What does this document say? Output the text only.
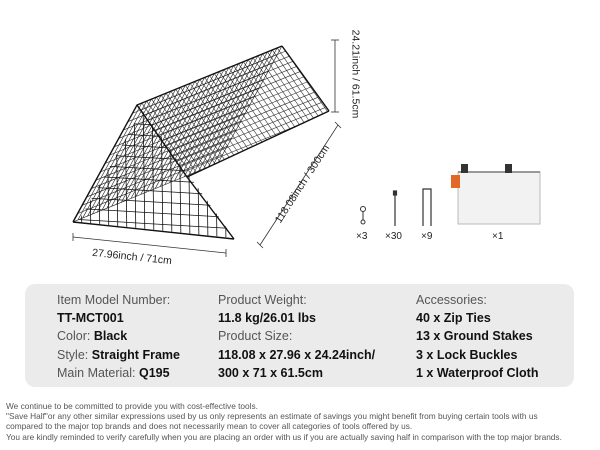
24.21inch / 61.5cm
118.08inch / 300cm
27.96inch / 71cm
×3 ×30 ×9	×1
Item Model Number:
TT-MCT001
Color: Black
Style: Straight Frame
Main Material: Q195
Product Weight:
11.8 kg/26.01 lbs
Product Size:
118.08 x 27.96 x 24.24inch/
300 x 71 x 61.5cm
Accessories:
40 x Zip Ties
13 x Ground Stakes
3 x Lock Buckles
1 x Waterproof Cloth
We continue to be committed to provide you with cost-effective tools.
"Save Half"or any other similar expressions used by us only represents an estimate of savings you might benefit from buying certain tools with us
compared to the major top brands and does not necessarily mean to cover all categories of tools offered by us.
You are kindly reminded to verify carefully when you are placing an order with us if you are actually saving half in comparison with the top major brands.
